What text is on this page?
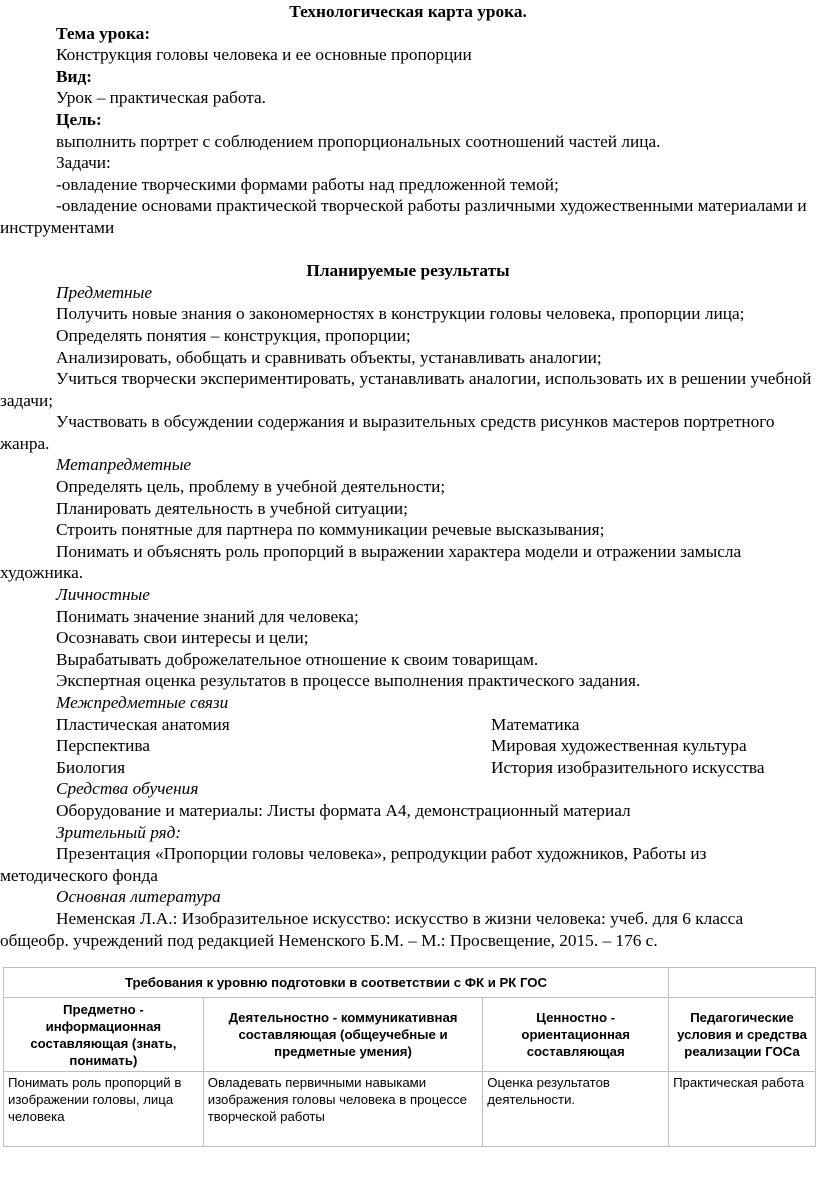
Технологическая карта урока.
Тема урока:
Конструкция головы человека и ее основные пропорции
Вид:
Урок – практическая работа.
Цель:
выполнить портрет с соблюдением пропорциональных соотношений частей лица.
Задачи:
-овладение творческими формами работы над предложенной темой;
-овладение основами практической творческой работы различными художественными материалами и инструментами
Планируемые результаты
Предметные
Получить новые знания о закономерностях в конструкции головы человека, пропорции лица;
Определять понятия – конструкция, пропорции;
Анализировать, обобщать и сравнивать объекты, устанавливать аналогии;
Учиться творчески экспериментировать, устанавливать аналогии, использовать их в решении учебной задачи;
Участвовать в обсуждении содержания и выразительных средств рисунков мастеров портретного жанра.
Метапредметные
Определять цель, проблему в учебной деятельности;
Планировать деятельность в учебной ситуации;
Строить понятные для партнера по коммуникации речевые высказывания;
Понимать и объяснять роль пропорций в выражении характера модели и отражении замысла художника.
Личностные
Понимать значение знаний для человека;
Осознавать свои интересы и цели;
Вырабатывать доброжелательное отношение к своим товарищам.
Экспертная оценка результатов в процессе выполнения практического задания.
Межпредметные связи
Пластическая анатомия	Математика
Перспектива	Мировая художественная культура
Биология	История изобразительного искусства
Средства обучения
Оборудование и материалы: Листы формата А4, демонстрационный материал
Зрительный ряд:
Презентация «Пропорции головы человека», репродукции работ художников, Работы из методического фонда
Основная литература
Неменская Л.А.: Изобразительное искусство: искусство в жизни человека: учеб. для 6 класса общеобр. учреждений под редакцией Неменского Б.М. – М.: Просвещение, 2015. – 176 с.
Требования к уровню подготовки в соответствии с ФК и РК ГОС			
Предметно - информационная составляющая (знать, понимать)	Деятельностно - коммуникативная составляющая (общеучебные и предметные умения)	Ценностно - ориентационная составляющая	Педагогические условия и средства реализации ГОСа
Понимать роль пропорций в изображении головы, лица человека	Овладевать первичными навыками изображения головы человека в процессе творческой работы	Оценка результатов деятельности.	Практическая работа
